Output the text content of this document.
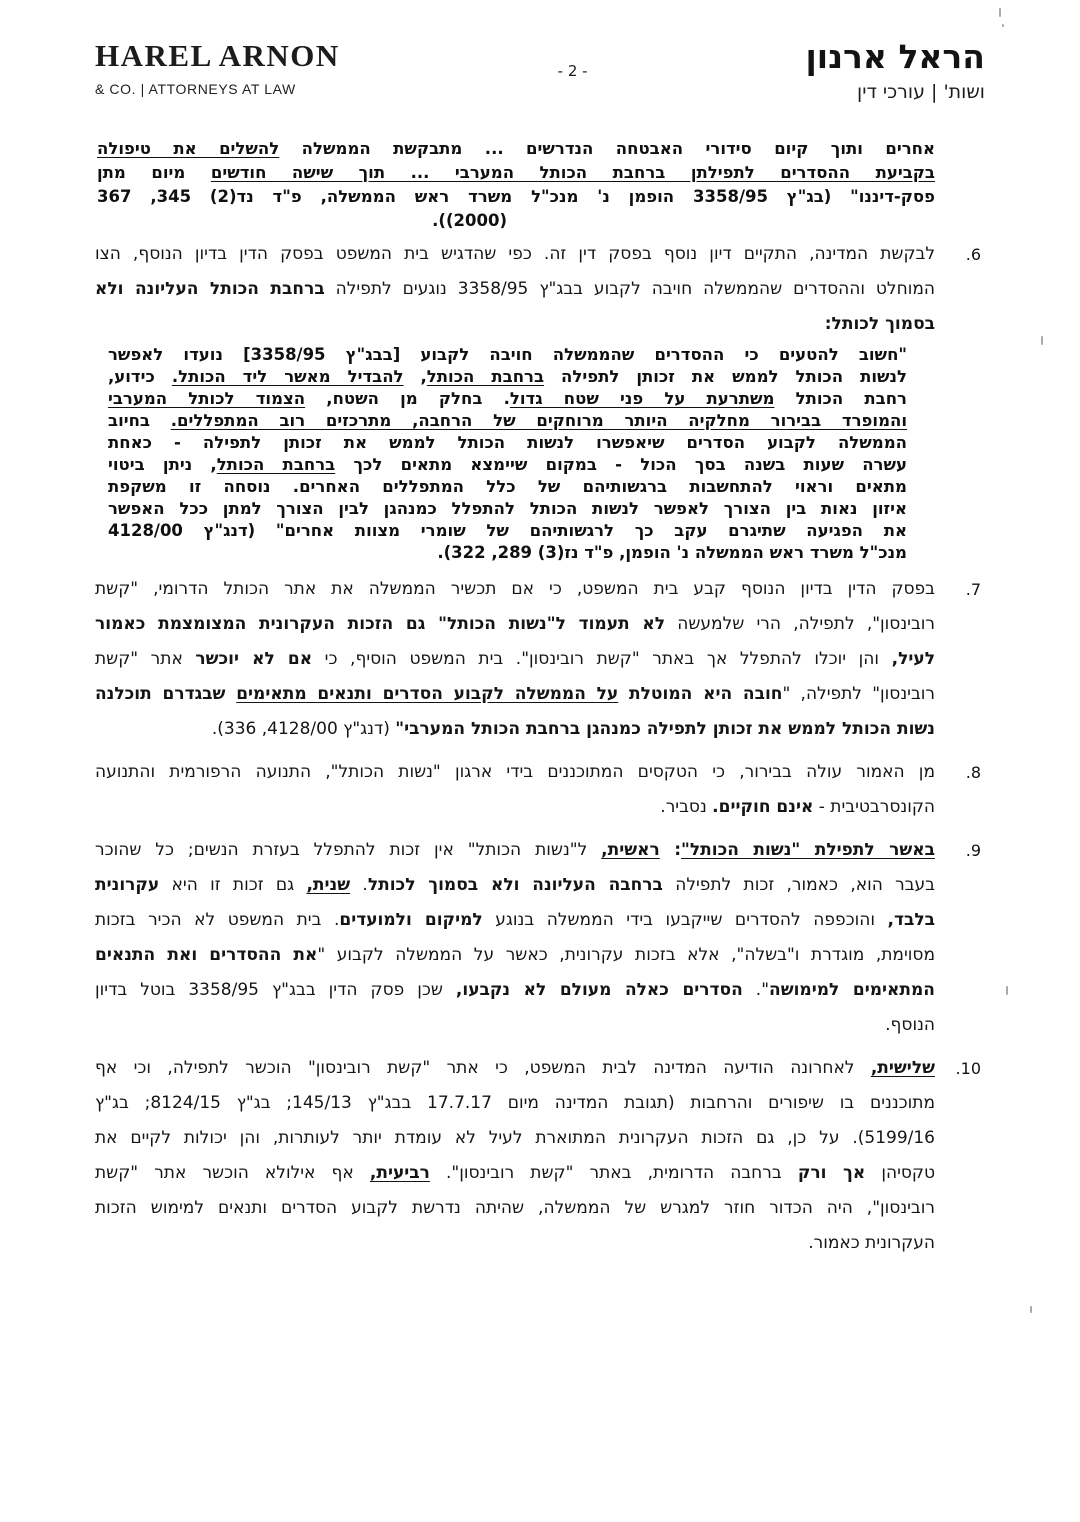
HAREL ARNON
& CO. | ATTORNEYS AT LAW
- 2 -	הראל ארנון
ושות' | עורכי דין
אחרים ותוך קיום סידורי האבטחה הנדרשים ... מתבקשת הממשלה להשלים את טיפולה
בקביעת ההסדרים לתפילתן ברחבת הכותל המערבי ... תוך שישה חודשים מיום מתן
פסק-דיננו" (בג"ץ 3358/95 הופמן נ' מנכ"ל משרד ראש הממשלה, פ"ד נד(2) 345, 367
(2000)).
.6
לבקשת המדינה, התקיים דיון נוסף בפסק דין זה. כפי שהדגיש בית המשפט בפסק הדין בדיון הנוסף, הצו
המוחלט וההסדרים שהממשלה חויבה לקבוע בבג"ץ 3358/95 נוגעים לתפילה ברחבת הכותל העליונה ולא
בסמוך לכותל:
"חשוב להטעים כי ההסדרים שהממשלה חויבה לקבוע [בבג"ץ 3358/95] נועדו לאפשר
לנשות הכותל לממש את זכותן לתפילה ברחבת הכותל, להבדיל מאשר ליד הכותל. כידוע,
רחבת הכותל משתרעת על פני שטח גדול. בחלק מן השטח, הצמוד לכותל המערבי
והמופרד בבירור מחלקיה היותר מרוחקים של הרחבה, מתרכזים רוב המתפללים. בחיוב
הממשלה לקבוע הסדרים שיאפשרו לנשות הכותל לממש את זכותן לתפילה - כאחת
עשרה שעות בשנה בסך הכול - במקום שיימצא מתאים לכך ברחבת הכותל, ניתן ביטוי
מתאים וראוי להתחשבות ברגשותיהם של כלל המתפללים האחרים. נוסחה זו משקפת
איזון נאות בין הצורך לאפשר לנשות הכותל להתפלל כמנהגן לבין הצורך למתן ככל האפשר
את הפגיעה שתיגרם עקב כך לרגשותיהם של שומרי מצוות אחרים" (דנג"ץ 4128/00
מנכ"ל משרד ראש הממשלה נ' הופמן, פ"ד נז(3) 289, 322).
.7
בפסק הדין בדיון הנוסף קבע בית המשפט, כי אם תכשיר הממשלה את אתר הכותל הדרומי, "קשת
רובינסון", לתפילה, הרי שלמעשה לא תעמוד ל"נשות הכותל" גם הזכות העקרונית המצומצמת כאמור
לעיל, והן יוכלו להתפלל אך באתר "קשת רובינסון". בית המשפט הוסיף, כי אם לא יוכשר אתר "קשת
רובינסון" לתפילה, "חובה היא המוטלת על הממשלה לקבוע הסדרים ותנאים מתאימים שבגדרם תוכלנה
נשות הכותל לממש את זכותן לתפילה כמנהגן ברחבת הכותל המערבי" (דנג"ץ 4128/00, 336).
.8
מן האמור עולה בבירור, כי הטקסים המתוכננים בידי ארגון "נשות הכותל", התנועה הרפורמית והתנועה
הקונסרבטיבית - אינם חוקיים. נסביר.
.9
באשר לתפילת "נשות הכותל": ראשית, ל"נשות הכותל" אין זכות להתפלל בעזרת הנשים; כל שהוכר
בעבר הוא, כאמור, זכות לתפילה ברחבה העליונה ולא בסמוך לכותל. שנית, גם זכות זו היא עקרונית
בלבד, והוכפפה להסדרים שייקבעו בידי הממשלה בנוגע למיקום ולמועדים. בית המשפט לא הכיר בזכות
מסוימת, מוגדרת ו"בשלה", אלא בזכות עקרונית, כאשר על הממשלה לקבוע "את ההסדרים ואת התנאים
המתאימים למימושה". הסדרים כאלה מעולם לא נקבעו, שכן פסק הדין בבג"ץ 3358/95 בוטל בדיון
הנוסף.
.10
שלישית, לאחרונה הודיעה המדינה לבית המשפט, כי אתר "קשת רובינסון" הוכשר לתפילה, וכי אף
מתוכננים בו שיפורים והרחבות (תגובת המדינה מיום 17.7.17 בבג"ץ 145/13; בג"ץ 8124/15; בג"ץ
5199/16). על כן, גם הזכות העקרונית המתוארת לעיל לא עומדת יותר לעותרות, והן יכולות לקיים את
טקסיהן אך ורק ברחבה הדרומית, באתר "קשת רובינסון". רביעית, אף אילולא הוכשר אתר "קשת
רובינסון", היה הכדור חוזר למגרש של הממשלה, שהיתה נדרשת לקבוע הסדרים ותנאים למימוש הזכות
העקרונית כאמור.
